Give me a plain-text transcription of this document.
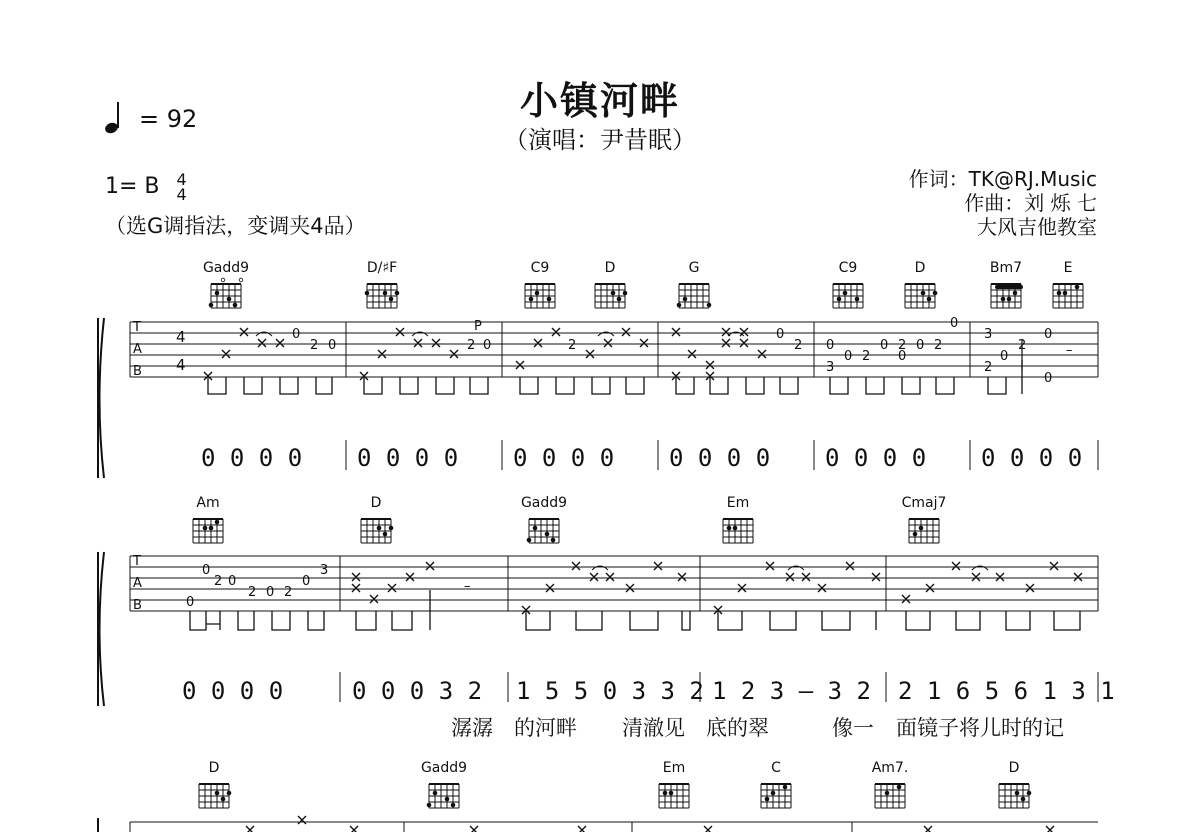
小镇河畔
（演唱：尹昔眠）
= 92
1= B 4
4
（选G调指法，变调夹4品）
作词：TK@RJ.Music
作曲：刘 烁 七
大风吉他教室
Gadd9	D/♯F	C9	D	G	C9	D	Bm7	E
T
A
B
4
4
0
2 0	2 0
P
2
0
2 0
3
0 2
0 2
0
0 2
0
3
2
0
2
0
0
–
T
A
B
0
2 0
0
2 0 2
0
3
–
0 0 0 0 0 0 0 0 0 0 0 0 0 0 0 0 0 0 0 0 0 0 0 0
Am	D	Gadd9	Em	Cmaj7
0 0 0 0	0 0 0 3 2 1 5 5 0 3 3 2 1 2 3 — 3 2 2 1 6 5 6 1 3 1
潺潺 的河畔 清澈见 底的翠	像一 面镜子将儿时的记
D	Gadd9	Em	C	Am7.	D
